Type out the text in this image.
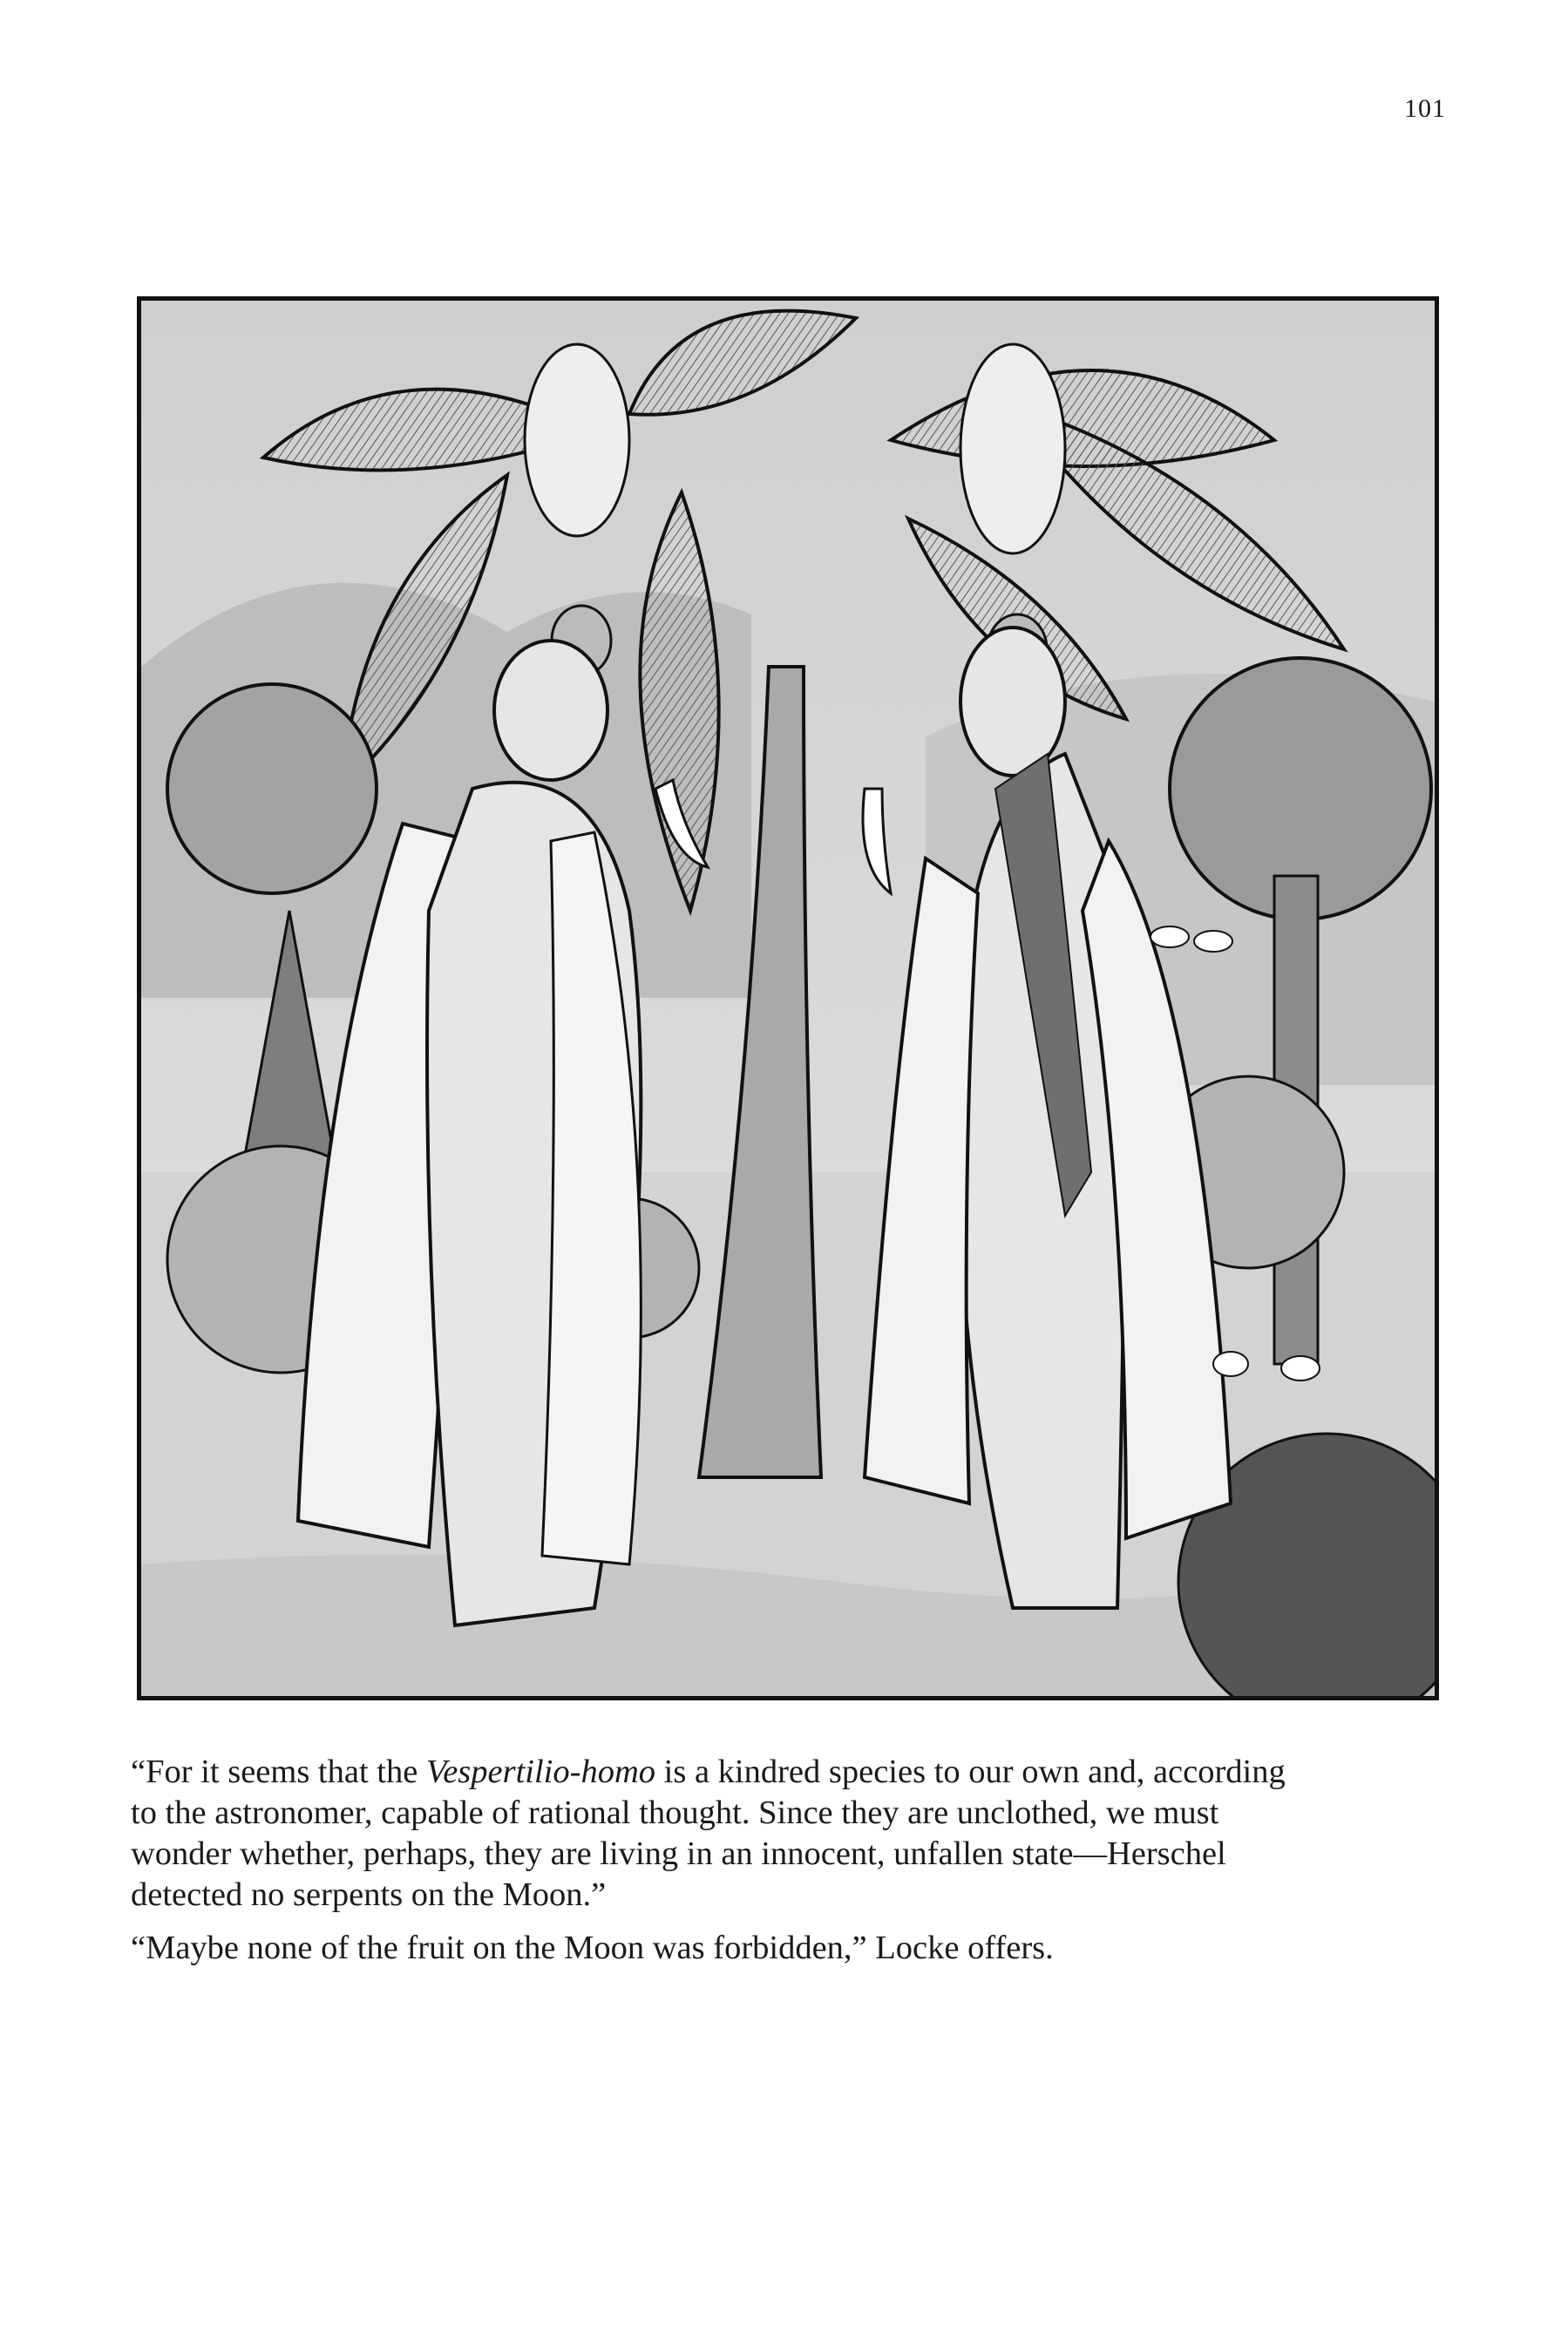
101

“For it seems that the Vespertilio-homo is a kindred species to our own and, according
to the astronomer, capable of rational thought. Since they are unclothed, we must
wonder whether, perhaps, they are living in an innocent, unfallen state—Herschel
detected no serpents on the Moon.”

“Maybe none of the fruit on the Moon was forbidden,” Locke offers.
